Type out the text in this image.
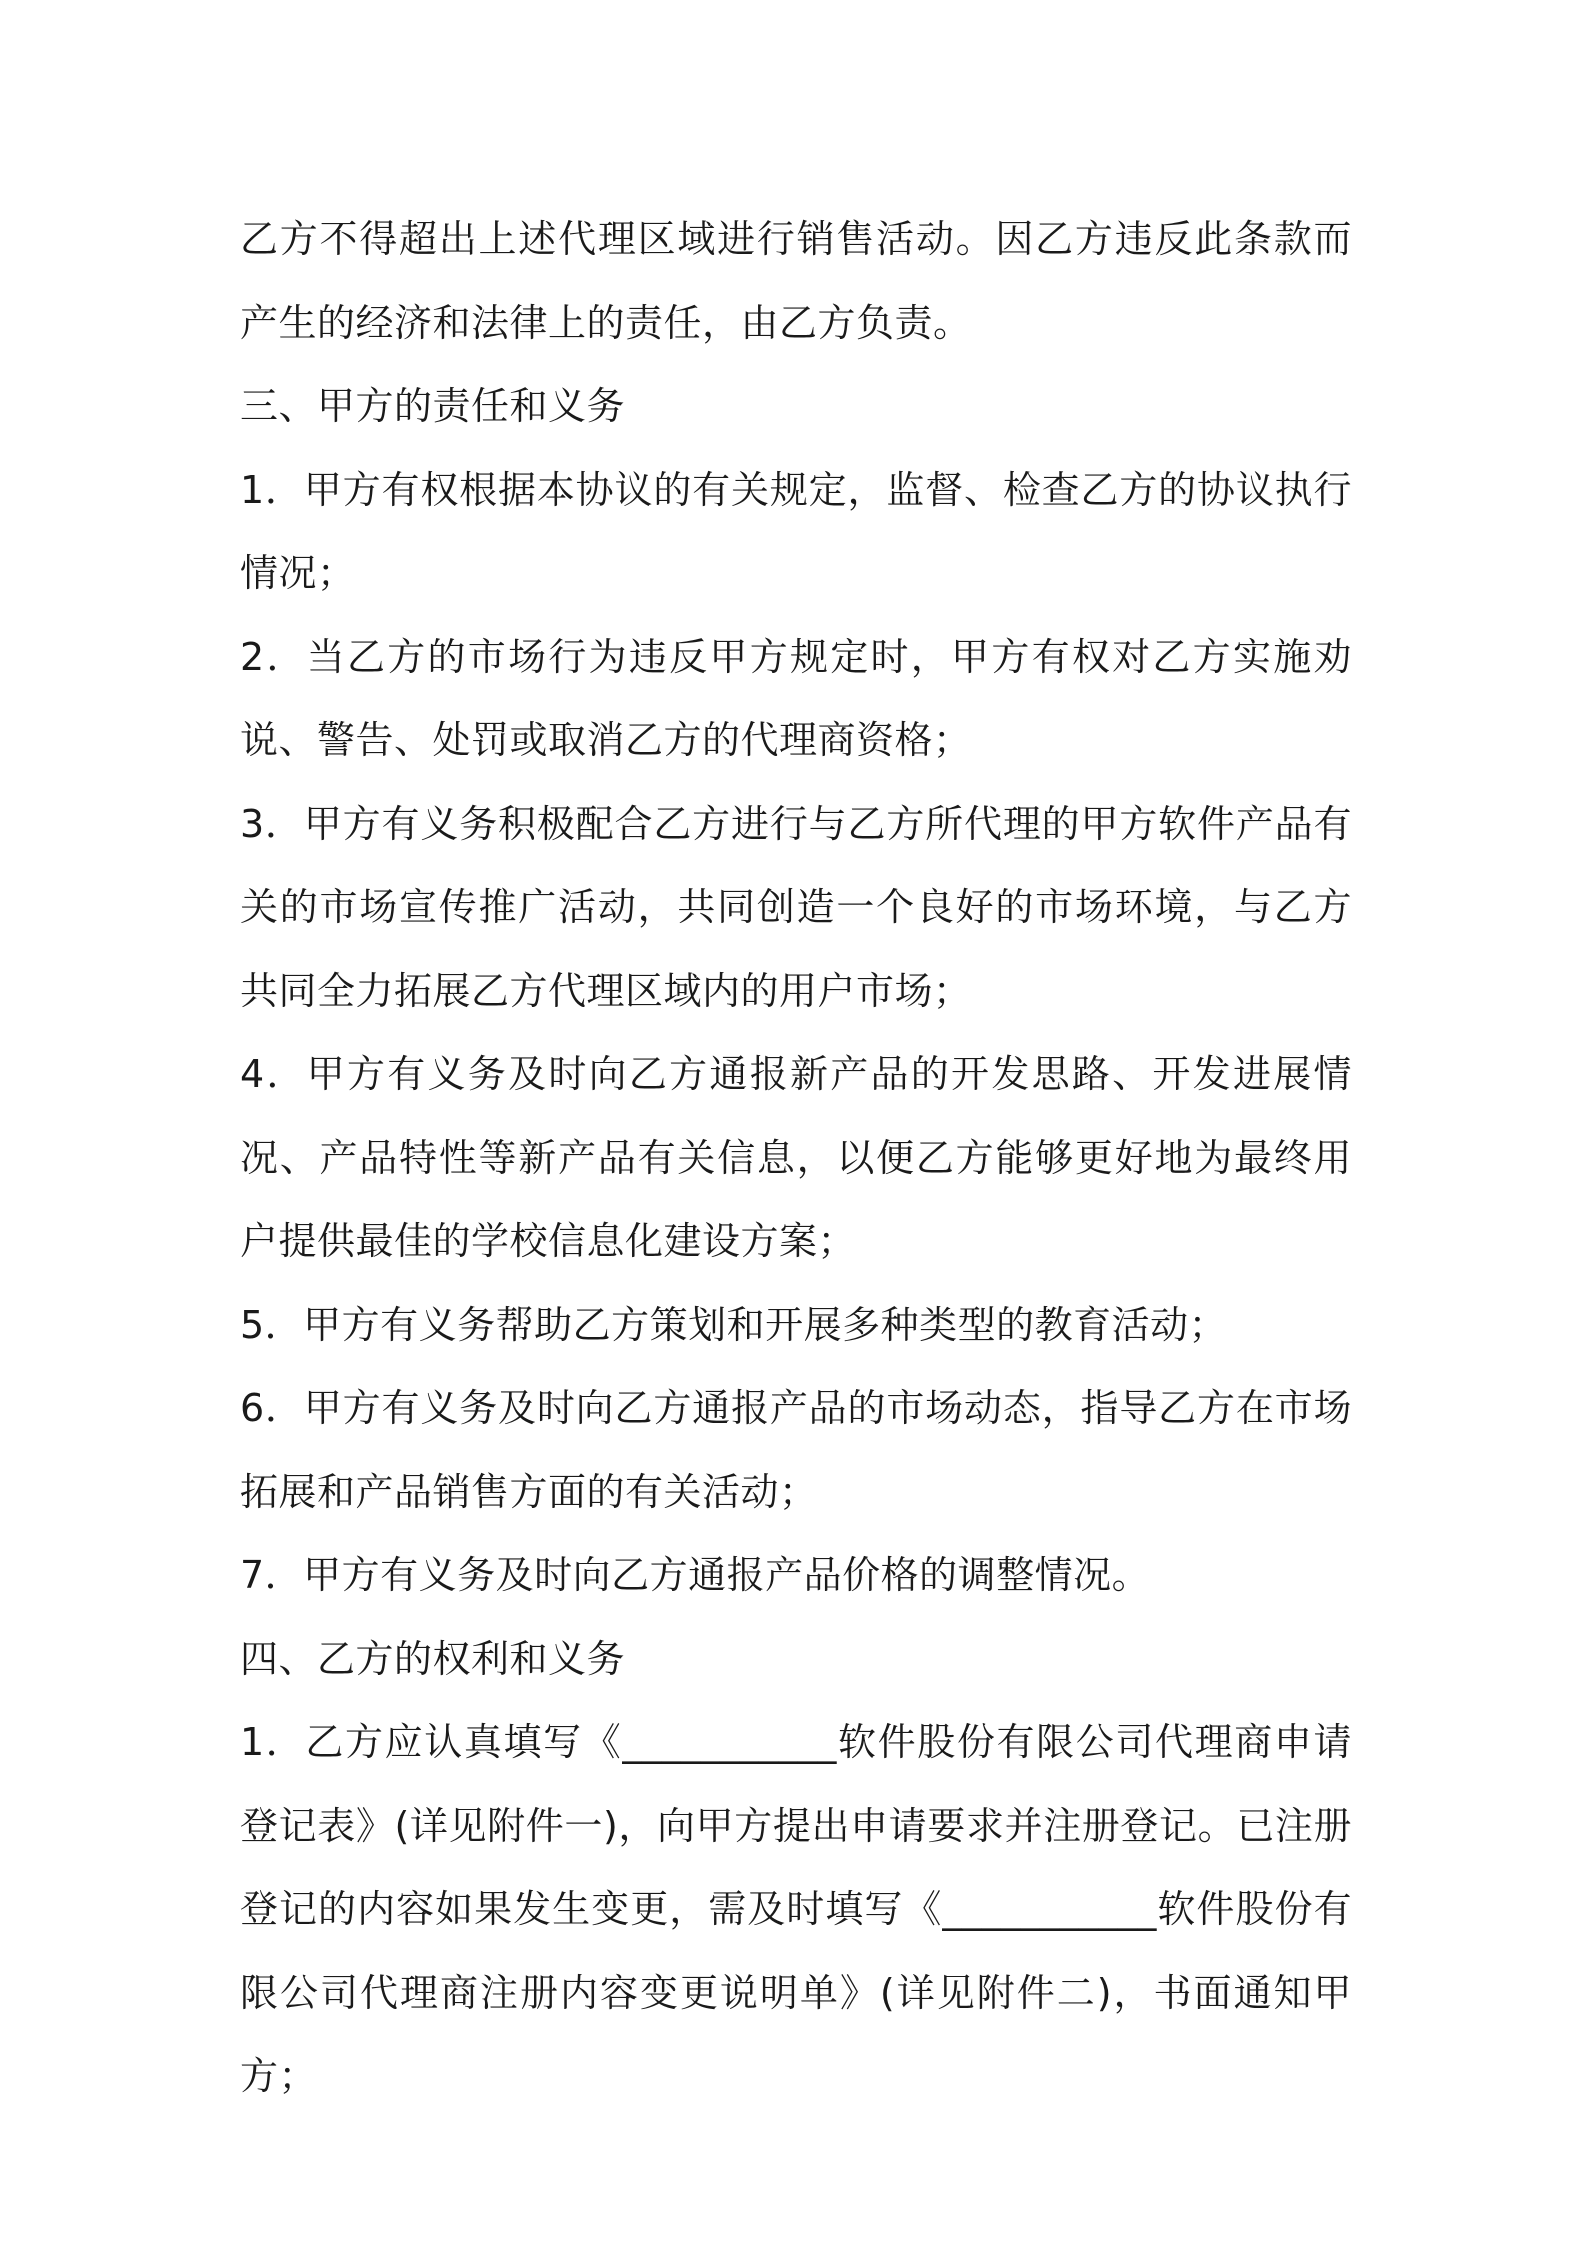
乙方不得超出上述代理区域进行销售活动。因乙方违反此条款而产生的经济和法律上的责任，由乙方负责。

三、甲方的责任和义务

1．甲方有权根据本协议的有关规定，监督、检查乙方的协议执行情况；

2．当乙方的市场行为违反甲方规定时，甲方有权对乙方实施劝说、警告、处罚或取消乙方的代理商资格；

3．甲方有义务积极配合乙方进行与乙方所代理的甲方软件产品有关的市场宣传推广活动，共同创造一个良好的市场环境，与乙方共同全力拓展乙方代理区域内的用户市场；

4．甲方有义务及时向乙方通报新产品的开发思路、开发进展情况、产品特性等新产品有关信息，以便乙方能够更好地为最终用户提供最佳的学校信息化建设方案；

5．甲方有义务帮助乙方策划和开展多种类型的教育活动；

6．甲方有义务及时向乙方通报产品的市场动态，指导乙方在市场拓展和产品销售方面的有关活动；

7．甲方有义务及时向乙方通报产品价格的调整情况。

四、乙方的权利和义务

1．乙方应认真填写《___________软件股份有限公司代理商申请登记表》(详见附件一)，向甲方提出申请要求并注册登记。已注册登记的内容如果发生变更，需及时填写《___________软件股份有限公司代理商注册内容变更说明单》(详见附件二)，书面通知甲方；
